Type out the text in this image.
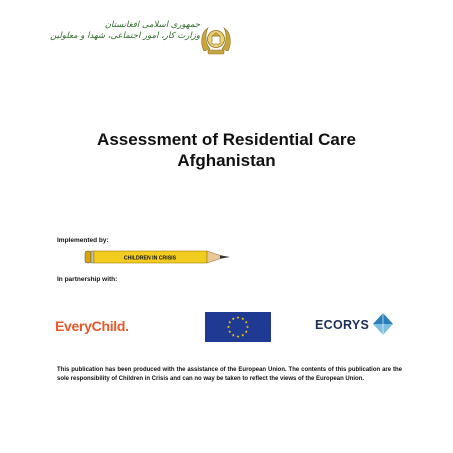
جمهوری اسلامی افغانستان
وزارت کار، امور اجتماعی، شهدا و معلولین
Assessment of Residential Care
Afghanistan
Implemented by:
CHILDREN IN CRISIS
In partnership with:
EveryChild.	ECORYS
This publication has been produced with the assistance of the European Union. The contents of this publication are the sole responsibility of Children in Crisis and can no way be taken to reflect the views of the European Union.
